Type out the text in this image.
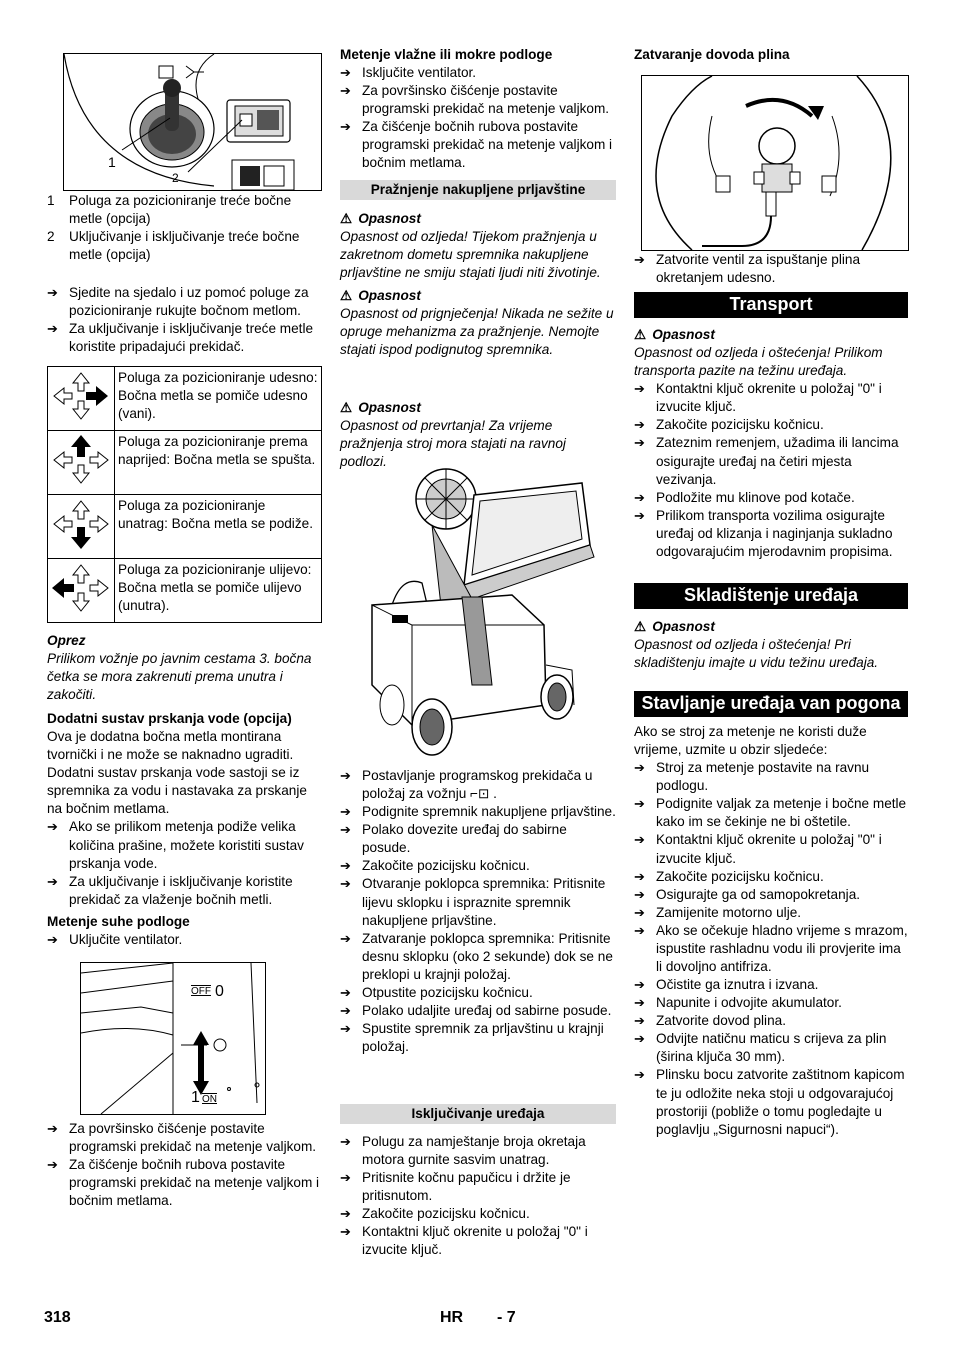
1
2

1 Poluga za pozicioniranje treće bočne metle (opcija)

2 Uključivanje i isključivanje treće bočne metle (opcija)

➔ Sjedite na sjedalo i uz pomoć poluge za pozicioniranje rukujte bočnom metlom.

➔ Za uključivanje i isključivanje treće metle koristite pripadajući prekidač.

	Poluga za pozicioniranje udesno: Bočna metla se pomiče udesno (vani).
	Poluga za pozicioniranje prema naprijed: Bočna metla se spušta.
	Poluga za pozicioniranje unatrag: Bočna metla se podiže.
	Poluga za pozicioniranje ulijevo: Bočna metla se pomiče ulijevo (unutra).

Oprez

Prilikom vožnje po javnim cestama 3. bočna četka se mora zakrenuti prema unutra i zakočiti.

Dodatni sustav prskanja vode (opcija)

Ova je dodatna bočna metla montirana tvornički i ne može se naknadno ugraditi. Dodatni sustav prskanja vode sastoji se iz spremnika za vodu i nastavaka za prskanje na bočnim metlama.

➔ Ako se prilikom metenja podiže velika količina prašine, možete koristiti sustav prskanja vode.

➔ Za uključivanje i isključivanje koristite prekidač za vlaženje bočnih metli.

Metenje suhe podloge

➔ Uključite ventilator.

OFF 0
1 ON

➔ Za površinsko čišćenje postavite programski prekidač na metenje valjkom.

➔ Za čišćenje bočnih rubova postavite programski prekidač na metenje valjkom i bočnim metlama.

Metenje vlažne ili mokre podloge

➔ Isključite ventilator.

➔ Za površinsko čišćenje postavite programski prekidač na metenje valjkom.

➔ Za čišćenje bočnih rubova postavite programski prekidač na metenje valjkom i bočnim metlama.

Pražnjenje nakupljene prljavštine

⚠ Opasnost

Opasnost od ozljeda! Tijekom pražnjenja u zakretnom dometu spremnika nakupljene prljavštine ne smiju stajati ljudi niti životinje.

⚠ Opasnost

Opasnost od prignječenja! Nikada ne sežite u opruge mehanizma za pražnjenje. Nemojte stajati ispod podignutog spremnika.

⚠ Opasnost

Opasnost od prevrtanja! Za vrijeme pražnjenja stroj mora stajati na ravnoj podlozi.

➔ Postavljanje programskog prekidača u položaj za vožnju ⌐⊡ .

➔ Podignite spremnik nakupljene prljavštine.

➔ Polako dovezite uređaj do sabirne posude.

➔ Zakočite pozicijsku kočnicu.

➔ Otvaranje poklopca spremnika: Pritisnite lijevu sklopku i ispraznite spremnik nakupljene prljavštine.

➔ Zatvaranje poklopca spremnika: Pritisnite desnu sklopku (oko 2 sekunde) dok se ne preklopi u krajnji položaj.

➔ Otpustite pozicijsku kočnicu.

➔ Polako udaljite uređaj od sabirne posude.

➔ Spustite spremnik za prljavštinu u krajnji položaj.

Isključivanje uređaja

➔ Polugu za namještanje broja okretaja motora gurnite sasvim unatrag.

➔ Pritisnite kočnu papučicu i držite je pritisnutom.

➔ Zakočite pozicijsku kočnicu.

➔ Kontaktni ključ okrenite u položaj "0" i izvucite ključ.

Zatvaranje dovoda plina

➔ Zatvorite ventil za ispuštanje plina okretanjem udesno.

Transport

⚠ Opasnost

Opasnost od ozljeda i oštećenja! Prilikom transporta pazite na težinu uređaja.

➔ Kontaktni ključ okrenite u položaj "0" i izvucite ključ.

➔ Zakočite pozicijsku kočnicu.

➔ Zateznim remenjem, užadima ili lancima osigurajte uređaj na četiri mjesta vezivanja.

➔ Podložite mu klinove pod kotače.

➔ Prilikom transporta vozilima osigurajte uređaj od klizanja i naginjanja sukladno odgovarajućim mjerodavnim propisima.

Skladištenje uređaja

⚠ Opasnost

Opasnost od ozljeda i oštećenja! Pri skladištenju imajte u vidu težinu uređaja.

Stavljanje uređaja van pogona

Ako se stroj za metenje ne koristi duže vrijeme, uzmite u obzir sljedeće:

➔ Stroj za metenje postavite na ravnu podlogu.

➔ Podignite valjak za metenje i bočne metle kako im se čekinje ne bi oštetile.

➔ Kontaktni ključ okrenite u položaj "0" i izvucite ključ.

➔ Zakočite pozicijsku kočnicu.

➔ Osigurajte ga od samopokretanja.

➔ Zamijenite motorno ulje.

➔ Ako se očekuje hladno vrijeme s mrazom, ispustite rashladnu vodu ili provjerite ima li dovoljno antifriza.

➔ Očistite ga iznutra i izvana.

➔ Napunite i odvojite akumulator.

➔ Zatvorite dovod plina.

➔ Odvijte natičnu maticu s crijeva za plin (širina ključa 30 mm).

➔ Plinsku bocu zatvorite zaštitnom kapicom te ju odložite neka stoji u odgovarajućoj prostoriji (pobliže o tomu pogledajte u poglavlju „Sigurnosni napuci“).

318	HR - 7
